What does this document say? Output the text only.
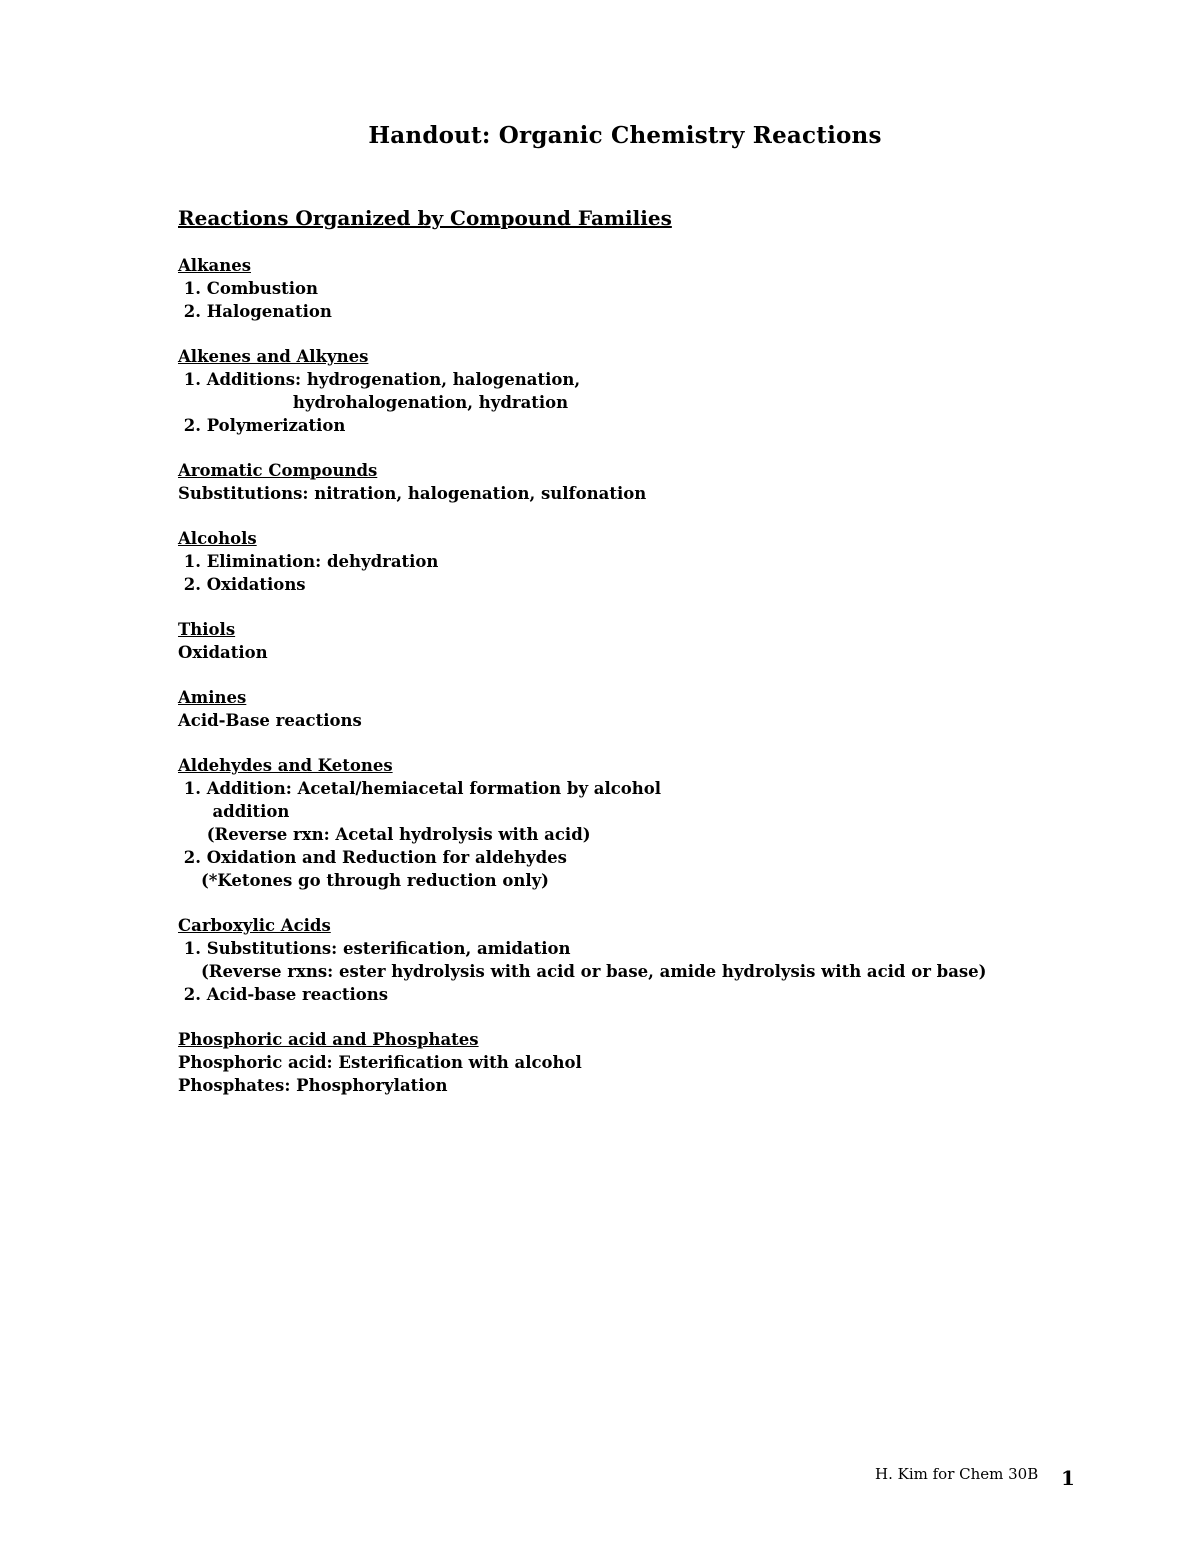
Handout: Organic Chemistry Reactions
Reactions Organized by Compound Families
Alkanes
1. Combustion
2. Halogenation
Alkenes and Alkynes
1. Additions: hydrogenation, halogenation,
hydrohalogenation, hydration
2. Polymerization
Aromatic Compounds
Substitutions: nitration, halogenation, sulfonation
Alcohols
1. Elimination: dehydration
2. Oxidations
Thiols
Oxidation
Amines
Acid-Base reactions
Aldehydes and Ketones
1. Addition: Acetal/hemiacetal formation by alcohol
addition
(Reverse rxn: Acetal hydrolysis with acid)
2. Oxidation and Reduction for aldehydes
(*Ketones go through reduction only)
Carboxylic Acids
1. Substitutions: esterification, amidation
(Reverse rxns: ester hydrolysis with acid or base, amide hydrolysis with acid or base)
2. Acid-base reactions
Phosphoric acid and Phosphates
Phosphoric acid: Esterification with alcohol
Phosphates: Phosphorylation
H. Kim for Chem 30B 1
